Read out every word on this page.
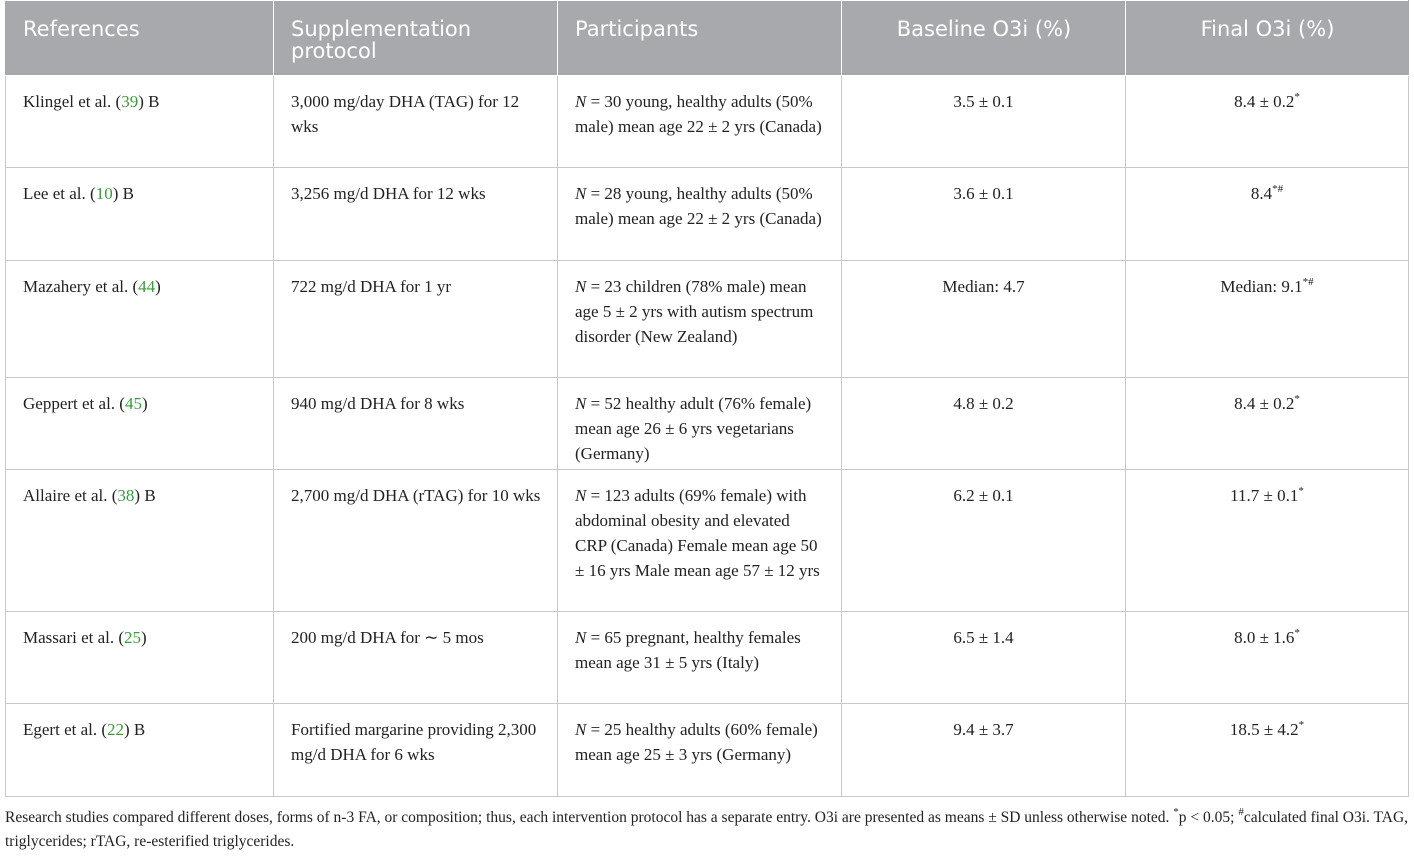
References	Supplementation protocol	Participants	Baseline O3i (%)	Final O3i (%)
Klingel et al. (39) B	3,000 mg/day DHA (TAG) for 12 wks	N = 30 young, healthy adults (50% male) mean age 22 ± 2 yrs (Canada)	3.5 ± 0.1	8.4 ± 0.2*
Lee et al. (10) B	3,256 mg/d DHA for 12 wks	N = 28 young, healthy adults (50% male) mean age 22 ± 2 yrs (Canada)	3.6 ± 0.1	8.4*#
Mazahery et al. (44)	722 mg/d DHA for 1 yr	N = 23 children (78% male) mean age 5 ± 2 yrs with autism spectrum disorder (New Zealand)	Median: 4.7	Median: 9.1*#
Geppert et al. (45)	940 mg/d DHA for 8 wks	N = 52 healthy adult (76% female) mean age 26 ± 6 yrs vegetarians (Germany)	4.8 ± 0.2	8.4 ± 0.2*
Allaire et al. (38) B	2,700 mg/d DHA (rTAG) for 10 wks	N = 123 adults (69% female) with abdominal obesity and elevated CRP (Canada) Female mean age 50 ± 16 yrs Male mean age 57 ± 12 yrs	6.2 ± 0.1	11.7 ± 0.1*
Massari et al. (25)	200 mg/d DHA for ∼ 5 mos	N = 65 pregnant, healthy females mean age 31 ± 5 yrs (Italy)	6.5 ± 1.4	8.0 ± 1.6*
Egert et al. (22) B	Fortified margarine providing 2,300 mg/d DHA for 6 wks	N = 25 healthy adults (60% female) mean age 25 ± 3 yrs (Germany)	9.4 ± 3.7	18.5 ± 4.2*
Research studies compared different doses, forms of n-3 FA, or composition; thus, each intervention protocol has a separate entry. O3i are presented as means ± SD unless otherwise noted. *p < 0.05; #calculated final O3i. TAG, triglycerides; rTAG, re-esterified triglycerides.
